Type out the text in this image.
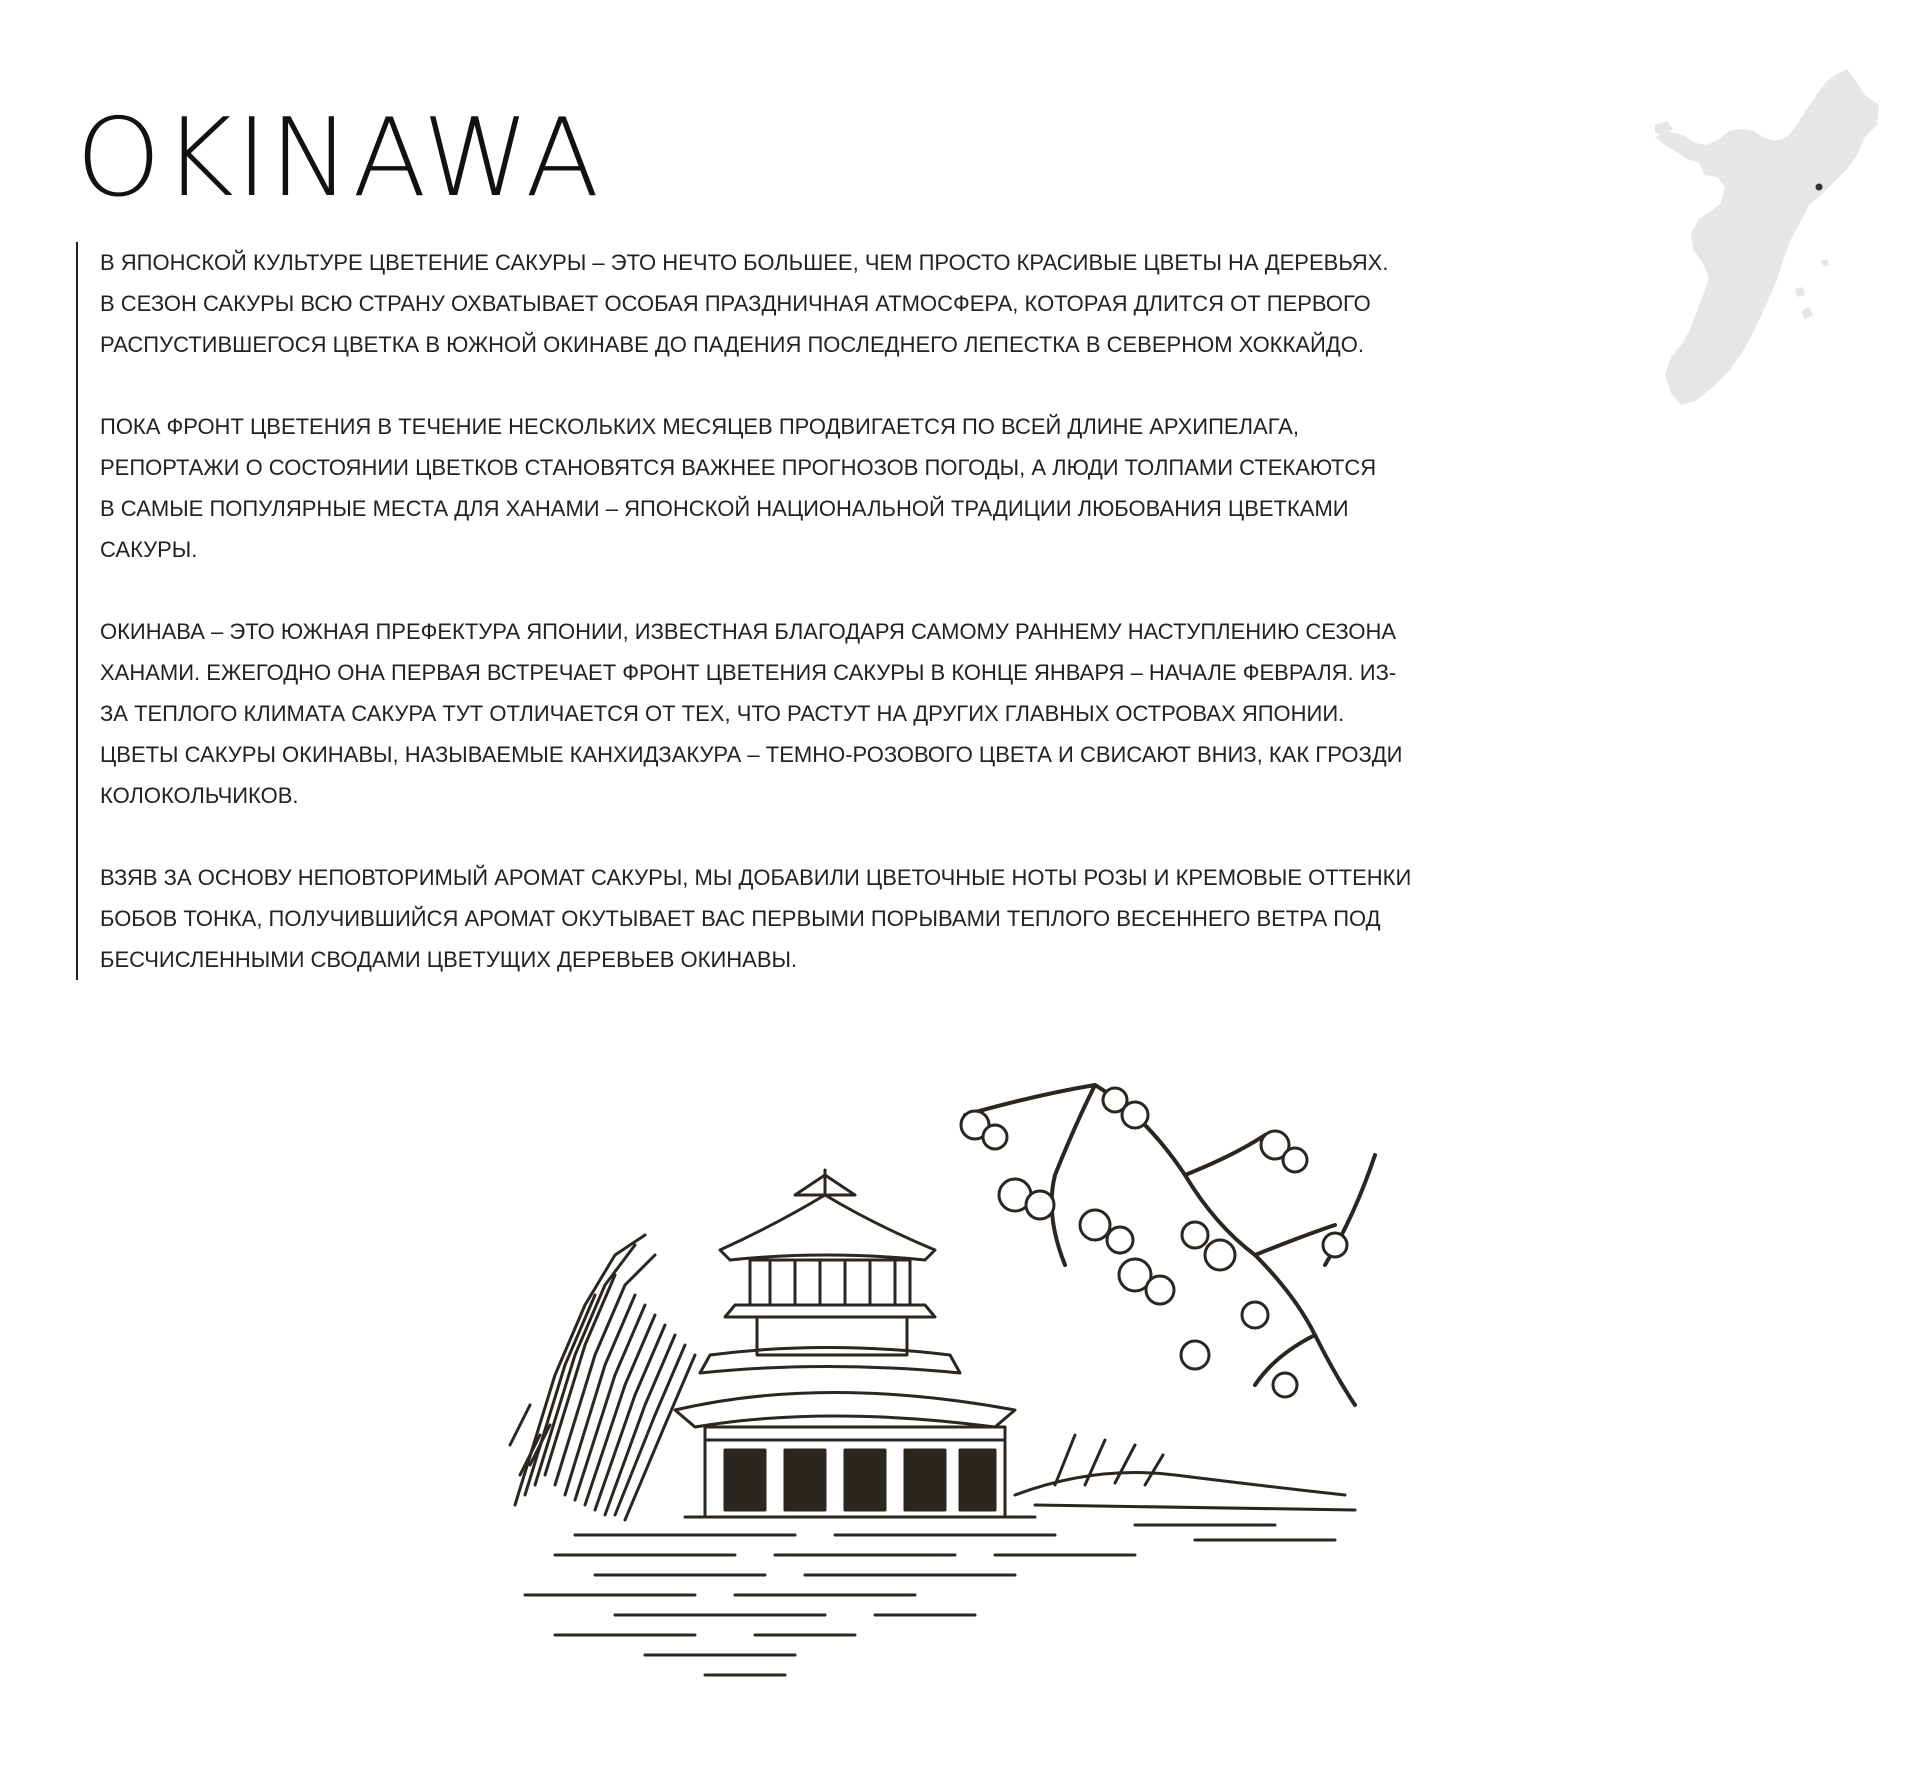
OKINAWA

В ЯПОНСКОЙ КУЛЬТУРЕ ЦВЕТЕНИЕ САКУРЫ – ЭТО НЕЧТО БОЛЬШЕЕ, ЧЕМ ПРОСТО КРАСИВЫЕ ЦВЕТЫ НА ДЕРЕВЬЯХ.
В СЕЗОН САКУРЫ ВСЮ СТРАНУ ОХВАТЫВАЕТ ОСОБАЯ ПРАЗДНИЧНАЯ АТМОСФЕРА, КОТОРАЯ ДЛИТСЯ ОТ ПЕРВОГО
РАСПУСТИВШЕГОСЯ ЦВЕТКА В ЮЖНОЙ ОКИНАВЕ ДО ПАДЕНИЯ ПОСЛЕДНЕГО ЛЕПЕСТКА В СЕВЕРНОМ ХОККАЙДО.

ПОКА ФРОНТ ЦВЕТЕНИЯ В ТЕЧЕНИЕ НЕСКОЛЬКИХ МЕСЯЦЕВ ПРОДВИГАЕТСЯ ПО ВСЕЙ ДЛИНЕ АРХИПЕЛАГА,
РЕПОРТАЖИ О СОСТОЯНИИ ЦВЕТКОВ СТАНОВЯТСЯ ВАЖНЕЕ ПРОГНОЗОВ ПОГОДЫ, А ЛЮДИ ТОЛПАМИ СТЕКАЮТСЯ
В САМЫЕ ПОПУЛЯРНЫЕ МЕСТА ДЛЯ ХАНАМИ – ЯПОНСКОЙ НАЦИОНАЛЬНОЙ ТРАДИЦИИ ЛЮБОВАНИЯ ЦВЕТКАМИ
САКУРЫ.

ОКИНАВА – ЭТО ЮЖНАЯ ПРЕФЕКТУРА ЯПОНИИ, ИЗВЕСТНАЯ БЛАГОДАРЯ САМОМУ РАННЕМУ НАСТУПЛЕНИЮ СЕЗОНА
ХАНАМИ. ЕЖЕГОДНО ОНА ПЕРВАЯ ВСТРЕЧАЕТ ФРОНТ ЦВЕТЕНИЯ САКУРЫ В КОНЦЕ ЯНВАРЯ – НАЧАЛЕ ФЕВРАЛЯ. ИЗ-
ЗА ТЕПЛОГО КЛИМАТА САКУРА ТУТ ОТЛИЧАЕТСЯ ОТ ТЕХ, ЧТО РАСТУТ НА ДРУГИХ ГЛАВНЫХ ОСТРОВАХ ЯПОНИИ.
ЦВЕТЫ САКУРЫ ОКИНАВЫ, НАЗЫВАЕМЫЕ КАНХИДЗАКУРА – ТЕМНО-РОЗОВОГО ЦВЕТА И СВИСАЮТ ВНИЗ, КАК ГРОЗДИ
КОЛОКОЛЬЧИКОВ.

ВЗЯВ ЗА ОСНОВУ НЕПОВТОРИМЫЙ АРОМАТ САКУРЫ, МЫ ДОБАВИЛИ ЦВЕТОЧНЫЕ НОТЫ РОЗЫ И КРЕМОВЫЕ ОТТЕНКИ
БОБОВ ТОНКА, ПОЛУЧИВШИЙСЯ АРОМАТ ОКУТЫВАЕТ ВАС ПЕРВЫМИ ПОРЫВАМИ ТЕПЛОГО ВЕСЕННЕГО ВЕТРА ПОД
БЕСЧИСЛЕННЫМИ СВОДАМИ ЦВЕТУЩИХ ДЕРЕВЬЕВ ОКИНАВЫ.
